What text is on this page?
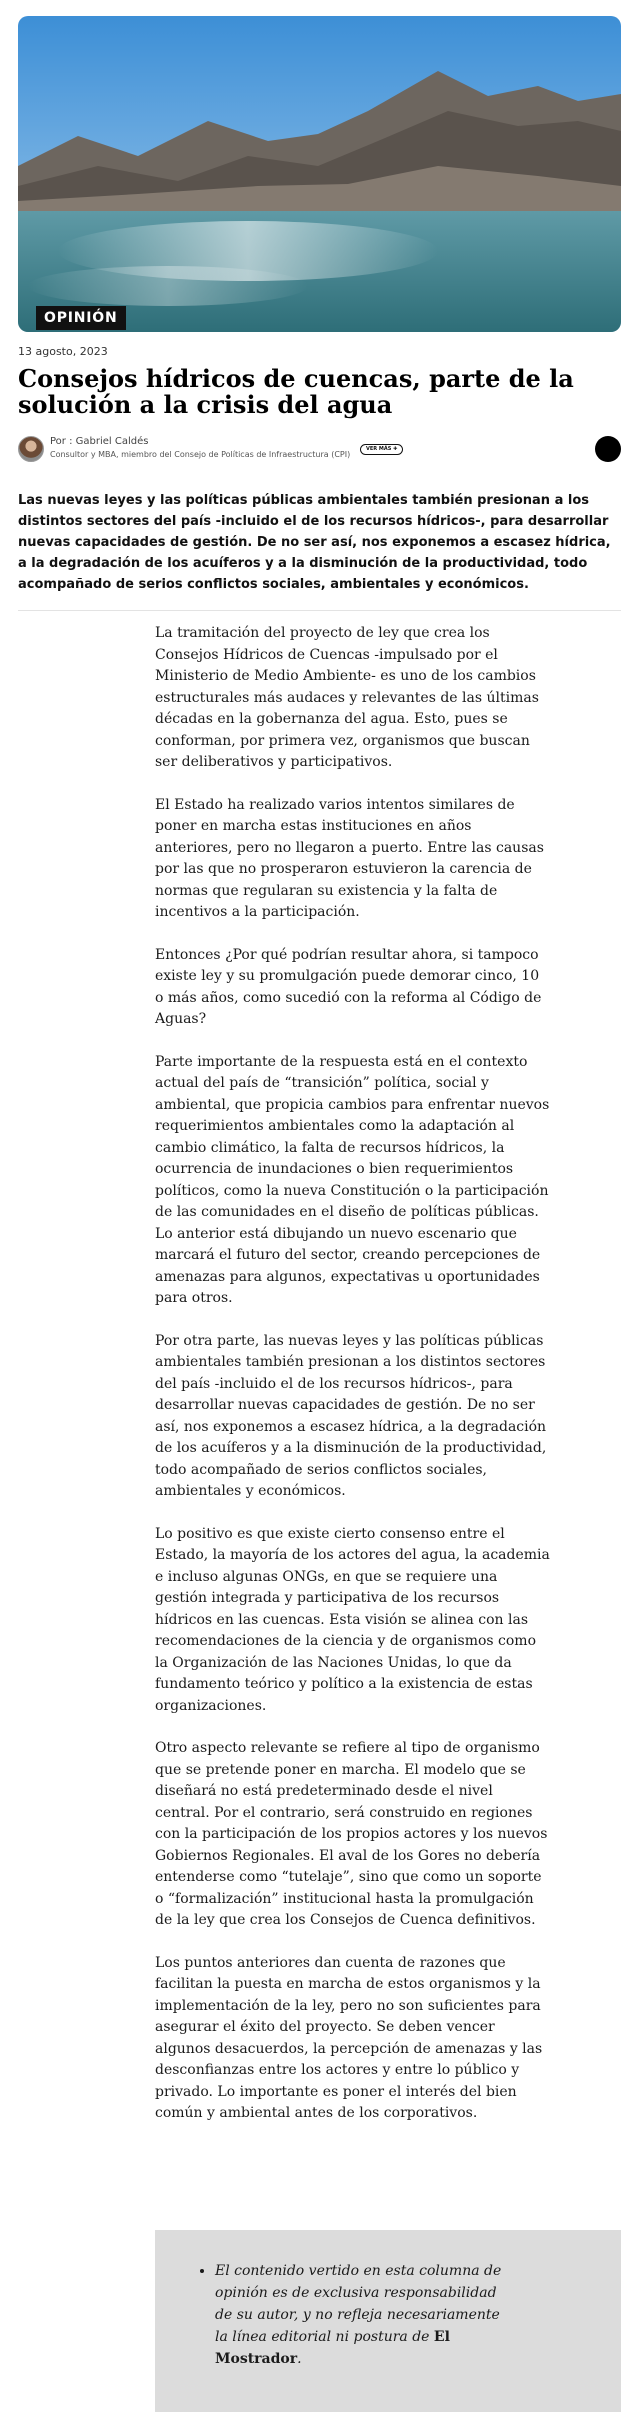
OPINIÓN
13 agosto, 2023
Consejos hídricos de cuencas, parte de la solución a la crisis del agua
Por : Gabriel Caldés
Consultor y MBA, miembro del Consejo de Políticas de Infraestructura (CPI)
VER MÁS ✚

Las nuevas leyes y las políticas públicas ambientales también presionan a los distintos sectores del país -incluido el de los recursos hídricos-, para desarrollar nuevas capacidades de gestión. De no ser así, nos exponemos a escasez hídrica, a la degradación de los acuíferos y a la disminución de la productividad, todo acompañado de serios conflictos sociales, ambientales y económicos.

La tramitación del proyecto de ley que crea los Consejos Hídricos de Cuencas -impulsado por el Ministerio de Medio Ambiente- es uno de los cambios estructurales más audaces y relevantes de las últimas décadas en la gobernanza del agua. Esto, pues se conforman, por primera vez, organismos que buscan ser deliberativos y participativos.

El Estado ha realizado varios intentos similares de poner en marcha estas instituciones en años anteriores, pero no llegaron a puerto. Entre las causas por las que no prosperaron estuvieron la carencia de normas que regularan su existencia y la falta de incentivos a la participación.

Entonces ¿Por qué podrían resultar ahora, si tampoco existe ley y su promulgación puede demorar cinco, 10 o más años, como sucedió con la reforma al Código de Aguas?

Parte importante de la respuesta está en el contexto actual del país de “transición” política, social y ambiental, que propicia cambios para enfrentar nuevos requerimientos ambientales como la adaptación al cambio climático, la falta de recursos hídricos, la ocurrencia de inundaciones o bien requerimientos políticos, como la nueva Constitución o la participación de las comunidades en el diseño de políticas públicas. Lo anterior está dibujando un nuevo escenario que marcará el futuro del sector, creando percepciones de amenazas para algunos, expectativas u oportunidades para otros.

Por otra parte, las nuevas leyes y las políticas públicas ambientales también presionan a los distintos sectores del país -incluido el de los recursos hídricos-, para desarrollar nuevas capacidades de gestión. De no ser así, nos exponemos a escasez hídrica, a la degradación de los acuíferos y a la disminución de la productividad, todo acompañado de serios conflictos sociales, ambientales y económicos.

Lo positivo es que existe cierto consenso entre el Estado, la mayoría de los actores del agua, la academia e incluso algunas ONGs, en que se requiere una gestión integrada y participativa de los recursos hídricos en las cuencas. Esta visión se alinea con las recomendaciones de la ciencia y de organismos como la Organización de las Naciones Unidas, lo que da fundamento teórico y político a la existencia de estas organizaciones.

Otro aspecto relevante se refiere al tipo de organismo que se pretende poner en marcha. El modelo que se diseñará no está predeterminado desde el nivel central. Por el contrario, será construido en regiones con la participación de los propios actores y los nuevos Gobiernos Regionales. El aval de los Gores no debería entenderse como “tutelaje”, sino que como un soporte o “formalización” institucional hasta la promulgación de la ley que crea los Consejos de Cuenca definitivos.

Los puntos anteriores dan cuenta de razones que facilitan la puesta en marcha de estos organismos y la implementación de la ley, pero no son suficientes para asegurar el éxito del proyecto. Se deben vencer algunos desacuerdos, la percepción de amenazas y las desconfianzas entre los actores y entre lo público y privado. Lo importante es poner el interés del bien común y ambiental antes de los corporativos.

• El contenido vertido en esta columna de opinión es de exclusiva responsabilidad de su autor, y no refleja necesariamente la línea editorial ni postura de El Mostrador.
